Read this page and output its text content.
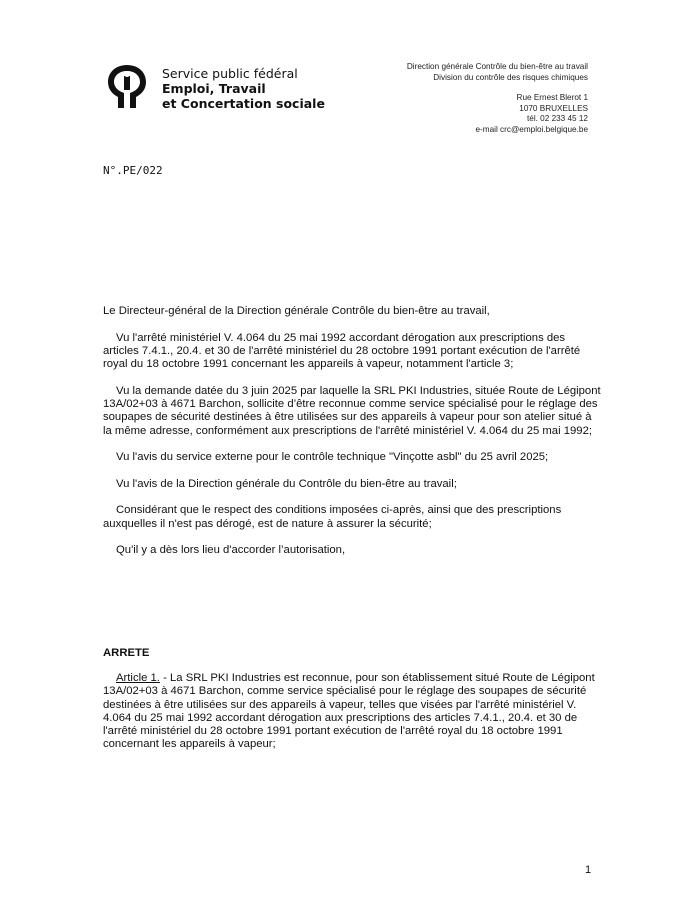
Service public fédéral
Emploi, Travail
et Concertation sociale
Direction générale Contrôle du bien-être au travail
Division du contrôle des risques chimiques
Rue Ernest Blerot 1
1070 BRUXELLES
tél. 02 233 45 12
e-mail crc@emploi.belgique.be
N°.PE/022

Le Directeur-général de la Direction générale Contrôle du bien-être au travail,

Vu l'arrêté ministériel V. 4.064 du 25 mai 1992 accordant dérogation aux prescriptions des articles 7.4.1., 20.4. et 30 de l'arrêté ministériel du 28 octobre 1991 portant exécution de l'arrêté royal du 18 octobre 1991 concernant les appareils à vapeur, notamment l'article 3;

Vu la demande datée du 3 juin 2025 par laquelle la SRL PKI Industries, située Route de Légipont 13A/02+03 à 4671 Barchon, sollicite d’être reconnue comme service spécialisé pour le réglage des soupapes de sécurité destinées à être utilisées sur des appareils à vapeur pour son atelier situé à la même adresse, conformément aux prescriptions de l'arrêté ministériel V. 4.064 du 25 mai 1992;

Vu l'avis du service externe pour le contrôle technique "Vinçotte asbl" du 25 avril 2025;

Vu l'avis de la Direction générale du Contrôle du bien-être au travail;

Considérant que le respect des conditions imposées ci-après, ainsi que des prescriptions auxquelles il n'est pas dérogé, est de nature à assurer la sécurité;

Qu'il y a dès lors lieu d'accorder l’autorisation,

ARRETE
Article 1. - La SRL PKI Industries est reconnue, pour son établissement situé Route de Légipont 13A/02+03 à 4671 Barchon, comme service spécialisé pour le réglage des soupapes de sécurité destinées à être utilisées sur des appareils à vapeur, telles que visées par l'arrêté ministériel V. 4.064 du 25 mai 1992 accordant dérogation aux prescriptions des articles 7.4.1., 20.4. et 30 de l'arrêté ministériel du 28 octobre 1991 portant exécution de l'arrêté royal du 18 octobre 1991 concernant les appareils à vapeur;
1
